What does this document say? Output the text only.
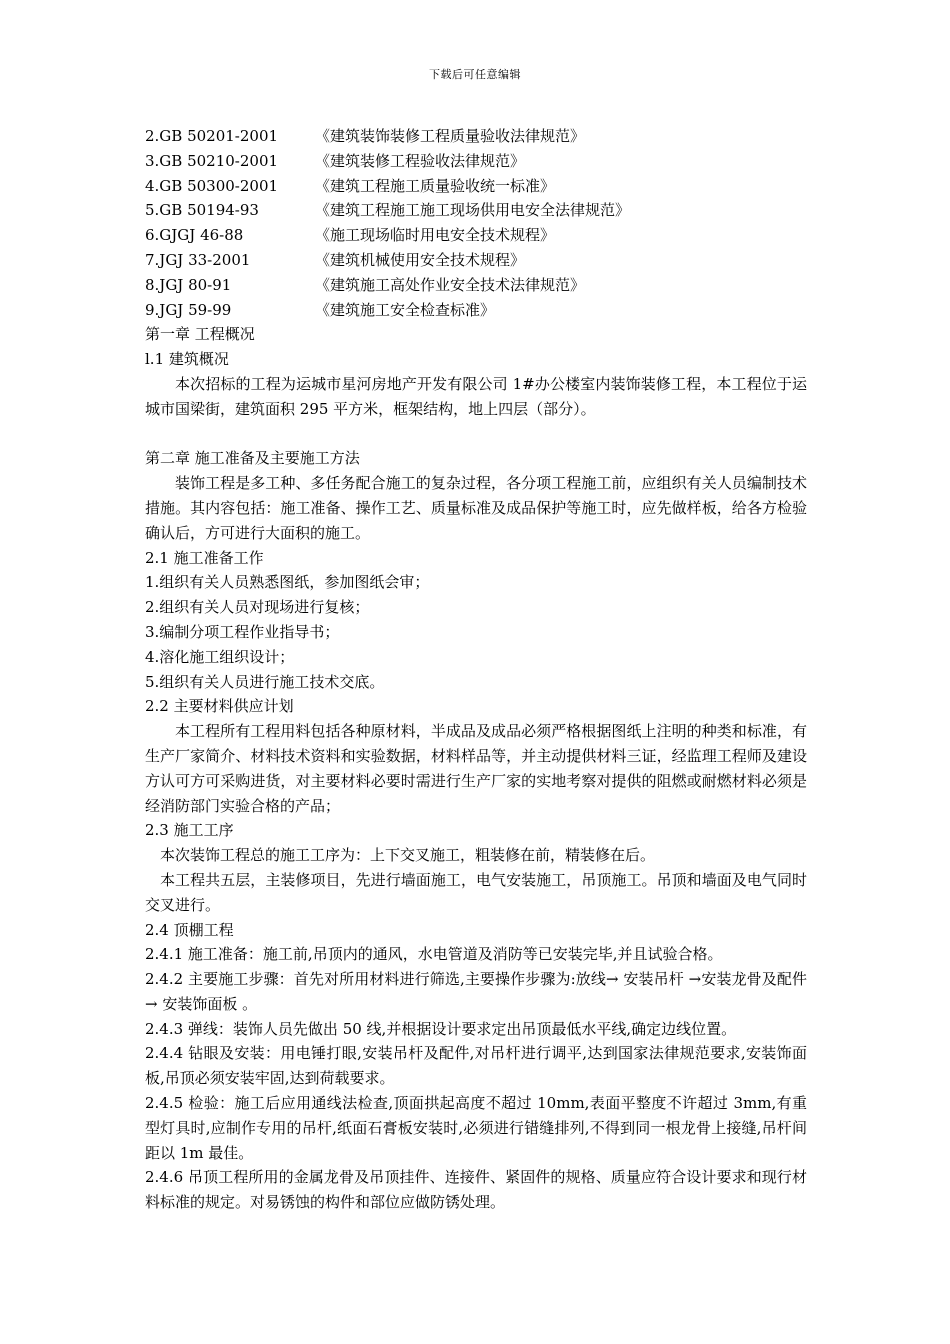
下载后可任意编辑
2.GB 50201-2001	《建筑装饰装修工程质量验收法律规范》
3.GB 50210-2001	《建筑装修工程验收法律规范》
4.GB 50300-2001	《建筑工程施工质量验收统一标准》
5.GB 50194-93	《建筑工程施工施工现场供用电安全法律规范》
6.GJGJ 46-88	《施工现场临时用电安全技术规程》
7.JGJ 33-2001	《建筑机械使用安全技术规程》
8.JGJ 80-91	《建筑施工高处作业安全技术法律规范》
9.JGJ 59-99	《建筑施工安全检查标准》
第一章 工程概况
l.1 建筑概况
本次招标的工程为运城市星河房地产开发有限公司 1#办公楼室内装饰装修工程，本工程位于运城市国梁街，建筑面积 295 平方米，框架结构，地上四层（部分）。
第二章 施工准备及主要施工方法
装饰工程是多工种、多任务配合施工的复杂过程，各分项工程施工前，应组织有关人员编制技术措施。其内容包括：施工准备、操作工艺、质量标准及成品保护等施工时，应先做样板，给各方检验确认后，方可进行大面积的施工。
2.1 施工准备工作
1.组织有关人员熟悉图纸，参加图纸会审；
2.组织有关人员对现场进行复核；
3.编制分项工程作业指导书；
4.溶化施工组织设计；
5.组织有关人员进行施工技术交底。
2.2 主要材料供应计划
本工程所有工程用料包括各种原材料，半成品及成品必须严格根据图纸上注明的种类和标准，有生产厂家简介、材料技术资料和实验数据，材料样品等，并主动提供材料三证，经监理工程师及建设方认可方可采购进货，对主要材料必要时需进行生产厂家的实地考察对提供的阻燃或耐燃材料必须是经消防部门实验合格的产品；
2.3 施工工序
本次装饰工程总的施工工序为：上下交叉施工，粗装修在前，精装修在后。
本工程共五层，主装修项目，先进行墙面施工，电气安装施工，吊顶施工。吊顶和墙面及电气同时交叉进行。
2.4 顶棚工程
2.4.1 施工准备：施工前,吊顶内的通风，水电管道及消防等已安装完毕,并且试验合格。
2.4.2 主要施工步骤：首先对所用材料进行筛选,主要操作步骤为:放线→ 安装吊杆 →安装龙骨及配件 → 安装饰面板 。
2.4.3 弹线：装饰人员先做出 50 线,并根据设计要求定出吊顶最低水平线,确定边线位置。
2.4.4 钻眼及安装：用电锤打眼,安装吊杆及配件,对吊杆进行调平,达到国家法律规范要求,安装饰面板,吊顶必须安装牢固,达到荷载要求。
2.4.5 检验：施工后应用通线法检查,顶面拱起高度不超过 10mm,表面平整度不许超过 3mm,有重型灯具时,应制作专用的吊杆,纸面石膏板安装时,必须进行错缝排列,不得到同一根龙骨上接缝,吊杆间距以 1m 最佳。
2.4.6 吊顶工程所用的金属龙骨及吊顶挂件、连接件、紧固件的规格、质量应符合设计要求和现行材料标准的规定。对易锈蚀的构件和部位应做防锈处理。
